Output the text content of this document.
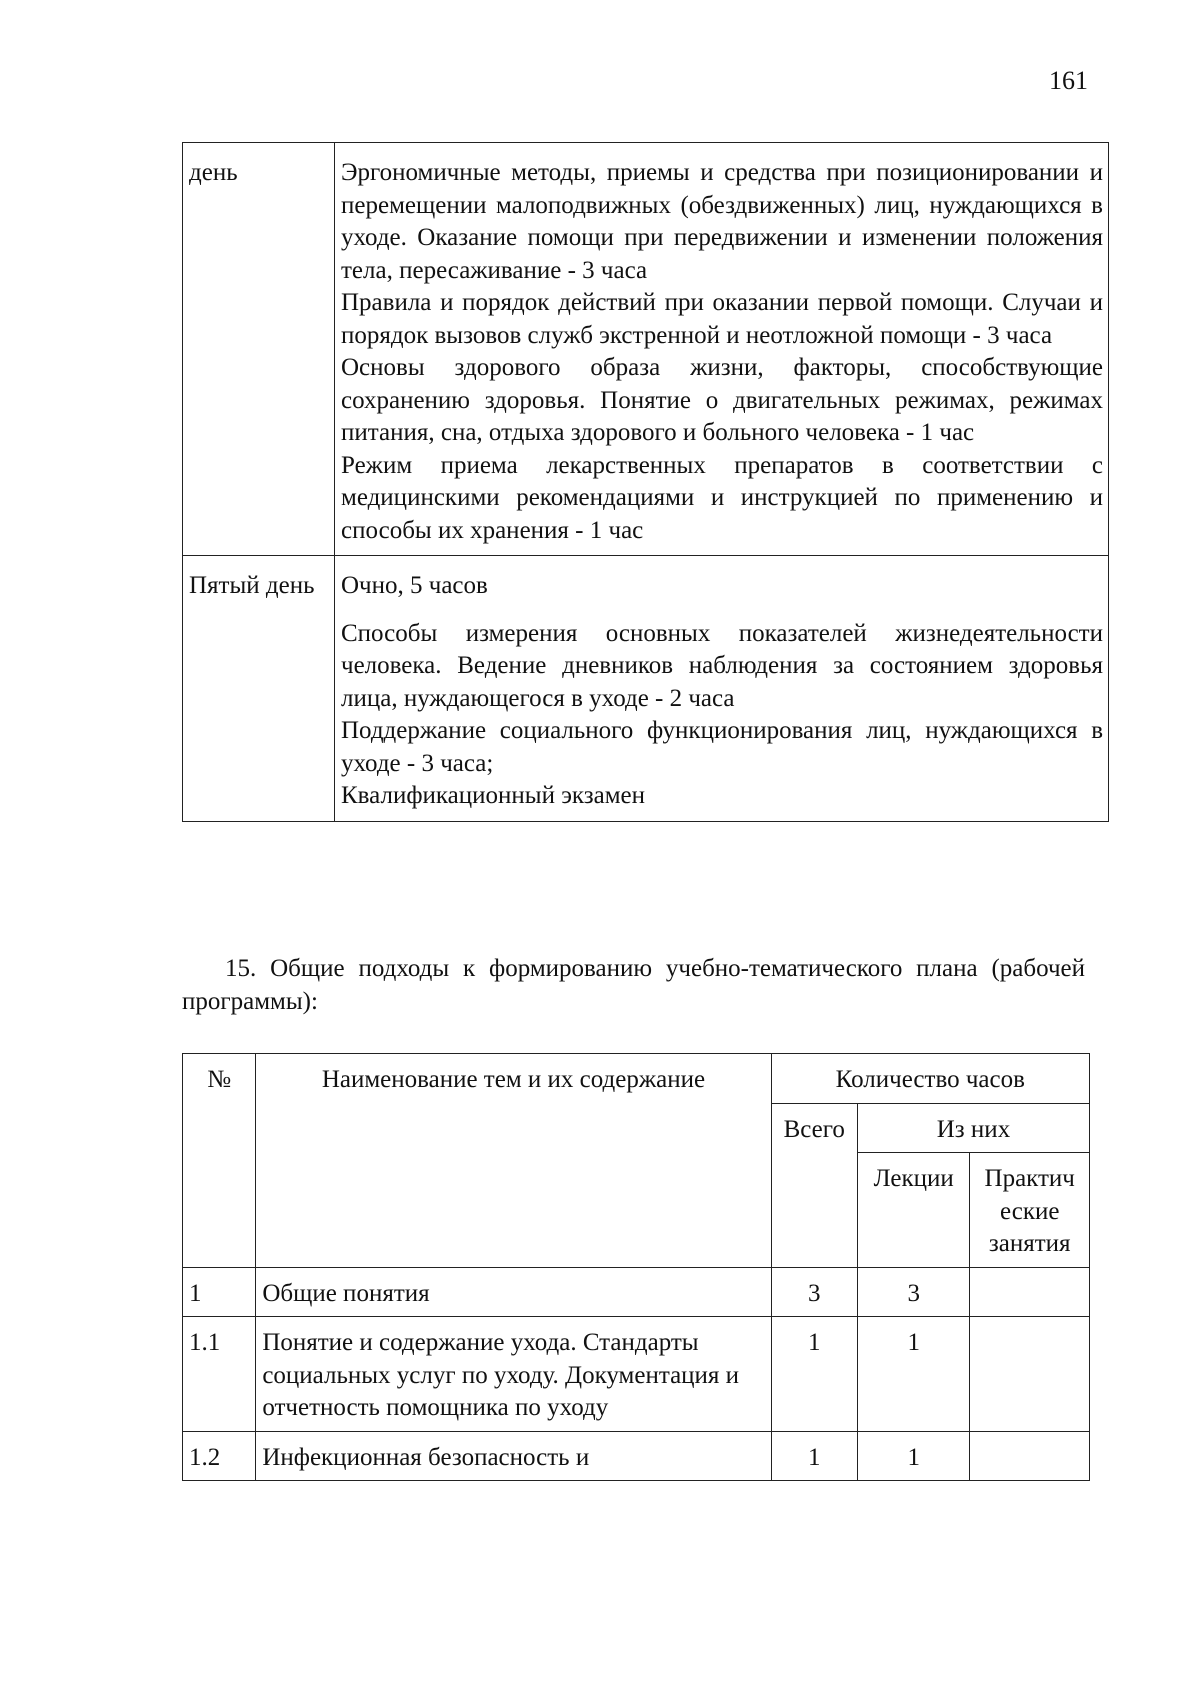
161
день	Эргономичные методы, приемы и средства при позиционировании и перемещении малоподвижных (обездвиженных) лиц, нуждающихся в уходе. Оказание помощи при передвижении и изменении положения тела, пересаживание - 3 часа

Правила и порядок действий при оказании первой помощи. Случаи и порядок вызовов служб экстренной и неотложной помощи - 3 часа

Основы здорового образа жизни, факторы, способствующие сохранению здоровья. Понятие о двигательных режимах, режимах питания, сна, отдыха здорового и больного человека - 1 час

Режим приема лекарственных препаратов в соответствии с медицинскими рекомендациями и инструкцией по применению и способы их хранения - 1 час

Пятый день	Очно, 5 часов

Способы измерения основных показателей жизнедеятельности человека. Ведение дневников наблюдения за состоянием здоровья лица, нуждающегося в уходе - 2 часа

Поддержание социального функционирования лиц, нуждающихся в уходе - 3 часа;

Квалификационный экзамен

15. Общие подходы к формированию учебно-тематического плана (рабочей программы):

№	Наименование тем и их содержание	Количество часов		
		Всего	Из них	
			Лекции	Практич еские занятия
1	Общие понятия	3	3	
1.1	Понятие и содержание ухода. Стандарты социальных услуг по уходу. Документация и отчетность помощника по уходу	1	1	
1.2	Инфекционная безопасность и	1	1	
